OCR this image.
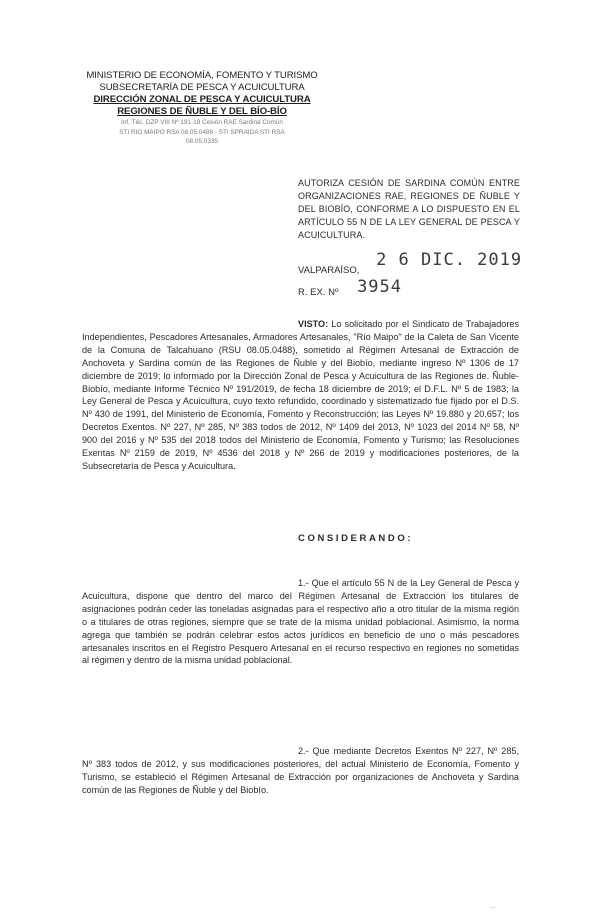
MINISTERIO DE ECONOMÍA, FOMENTO Y TURISMO
SUBSECRETARÍA DE PESCA Y ACUICULTURA
DIRECCIÓN ZONAL DE PESCA Y ACUICULTURA
REGIONES DE ÑUBLE Y DEL BÍO-BÍO
Inf. Téc. DZP VIII Nº 191-19 Cesión RAE Sardina Común
STI RIO MAIPO RSA 08.05.0488 - STI SPRAIDA STI RSA
08.05.0335
AUTORIZA CESIÓN DE SARDINA COMÚN ENTRE ORGANIZACIONES RAE, REGIONES DE ÑUBLE Y DEL BIOBÍO, CONFORME A LO DISPUESTO EN EL ARTÍCULO 55 N DE LA LEY GENERAL DE PESCA Y ACUICULTURA.
VALPARAÍSO, 2 6 DIC. 2019
R. EX. Nº 3954
VISTO: Lo solicitado por el Sindicato de Trabajadores Independientes, Pescadores Artesanales, Armadores Artesanales, "Río Maipo" de la Caleta de San Vicente de la Comuna de Talcahuano (RSU 08.05.0488), sometido al Régimen Artesanal de Extracción de Anchoveta y Sardina común de las Regiones de Ñuble y del Biobío, mediante ingreso Nº 1306 de 17 diciembre de 2019; lo informado por la Dirección Zonal de Pesca y Acuicultura de las Regiones de. Ñuble-Biobío, mediante Informe Técnico Nº 191/2019, de fecha 18 diciembre de 2019; el D.F.L. Nº 5 de 1983; la Ley General de Pesca y Acuicultura, cuyo texto refundido, coordinado y sistematizado fue fijado por el D.S. Nº 430 de 1991, del Ministerio de Economía, Fomento y Reconstrucción; las Leyes Nº 19.880 y 20.657; los Decretos Exentos. Nº 227, Nº 285, Nº 383 todos de 2012, Nº 1409 del 2013, Nº 1023 del 2014 Nº 58, Nº 900 del 2016 y Nº 535 del 2018 todos del Ministerio de Economía, Fomento y Turismo; las Resoluciones Exentas Nº 2159 de 2019, Nº 4536 del 2018 y Nº 266 de 2019 y modificaciones posteriores, de la Subsecretaría de Pesca y Acuicultura.
CONSIDERANDO:
1.- Que el artículo 55 N de la Ley General de Pesca y Acuicultura, dispone que dentro del marco del Régimen Artesanal de Extracción los titulares de asignaciones podrán ceder las toneladas asignadas para el respectivo año a otro titular de la misma región o a titulares de otras regiones, siempre que se trate de la misma unidad poblacional. Asimismo, la norma agrega que también se podrán celebrar estos actos jurídicos en beneficio de uno o más pescadores artesanales inscritos en el Registro Pesquero Artesanal en el recurso respectivo en regiones no sometidas al régimen y dentro de la misma unidad poblacional.
2.- Que mediante Decretos Exentos Nº 227, Nº 285, Nº 383 todos de 2012, y sus modificaciones posteriores, del actual Ministerio de Economía, Fomento y Turismo, se estableció el Régimen Artesanal de Extracción por organizaciones de Anchoveta y Sardina común de las Regiones de Ñuble y del Biobío.
---
